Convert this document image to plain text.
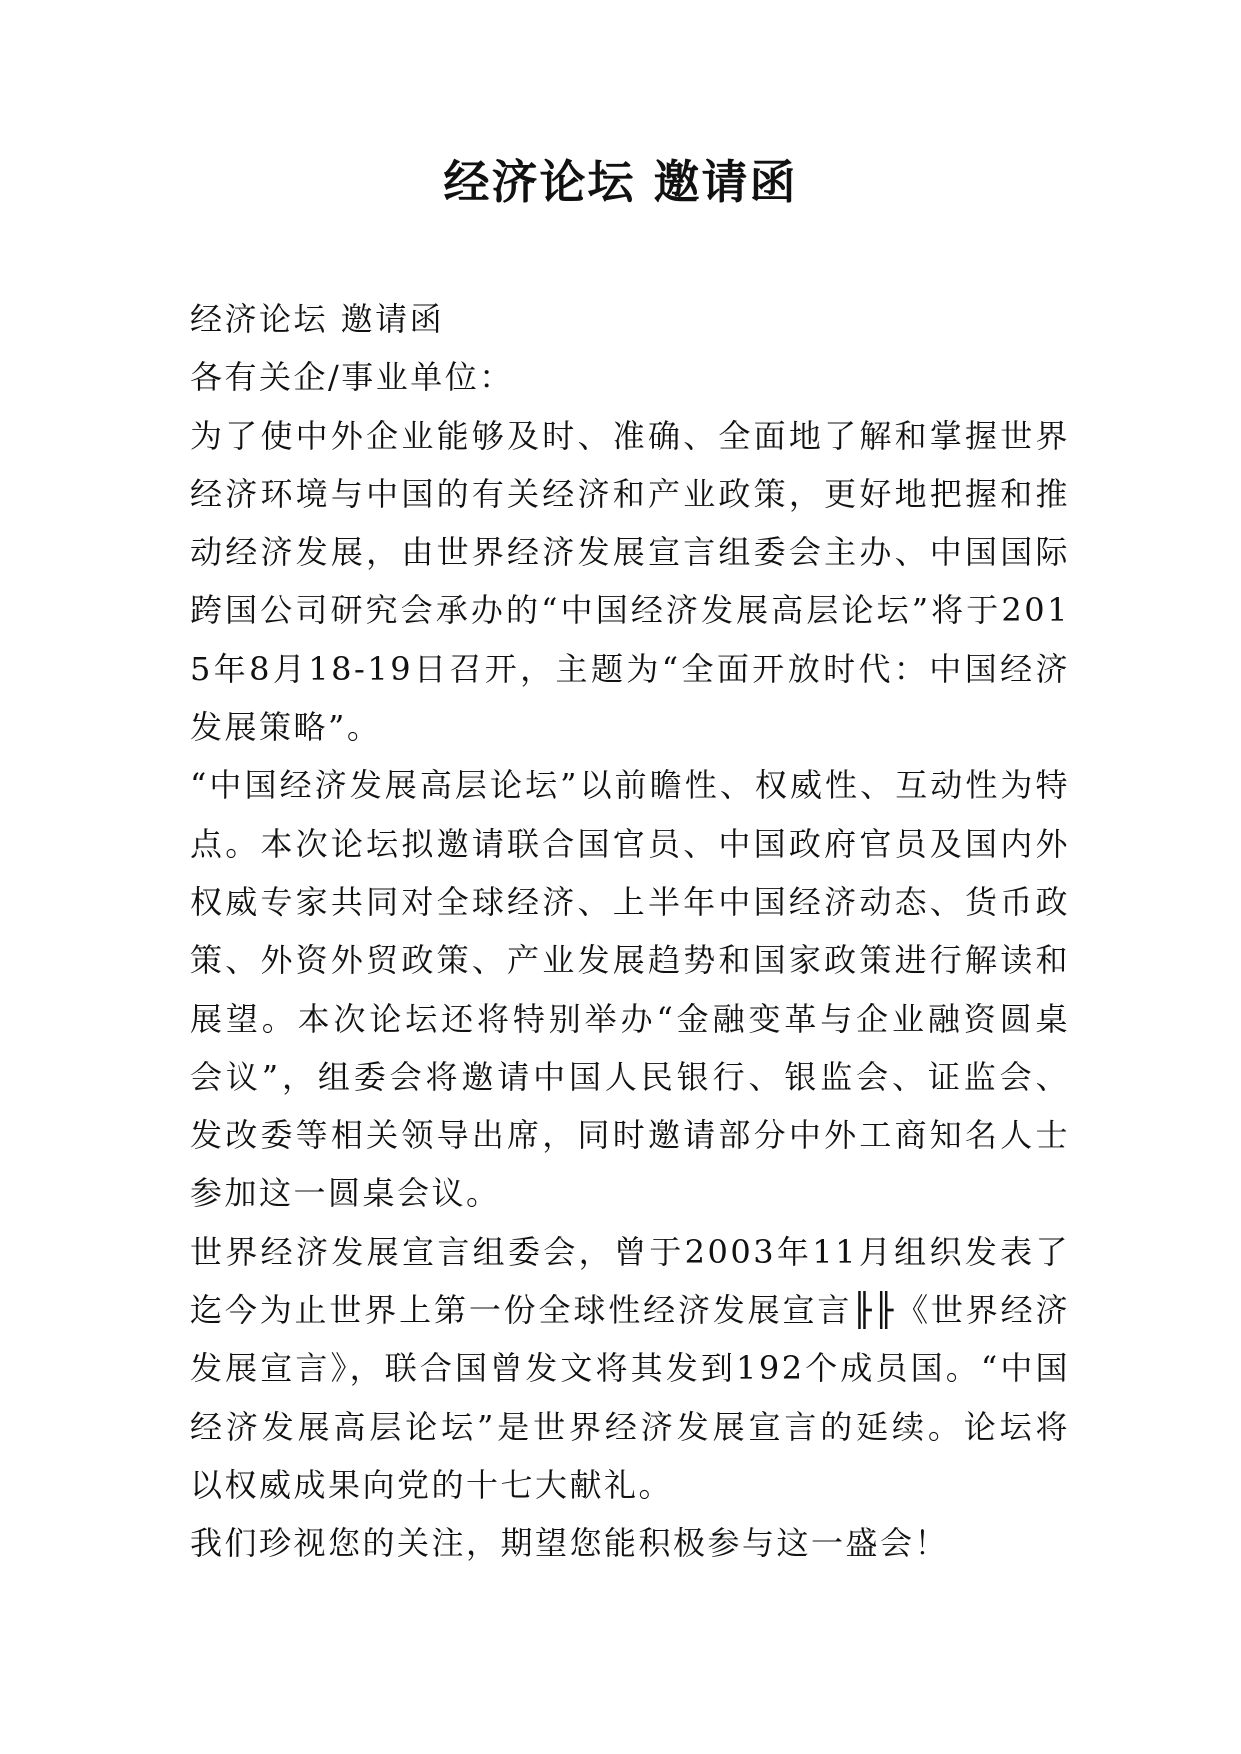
经济论坛 邀请函

经济论坛 邀请函

各有关企/事业单位：

为了使中外企业能够及时、准确、全面地了解和掌握世界经济环境与中国的有关经济和产业政策，更好地把握和推动经济发展，由世界经济发展宣言组委会主办、中国国际跨国公司研究会承办的“中国经济发展高层论坛”将于2015年8月18-19日召开，主题为“全面开放时代：中国经济发展策略”。

“中国经济发展高层论坛”以前瞻性、权威性、互动性为特点。本次论坛拟邀请联合国官员、中国政府官员及国内外权威专家共同对全球经济、上半年中国经济动态、货币政策、外资外贸政策、产业发展趋势和国家政策进行解读和展望。本次论坛还将特别举办“金融变革与企业融资圆桌会议”，组委会将邀请中国人民银行、银监会、证监会、发改委等相关领导出席，同时邀请部分中外工商知名人士参加这一圆桌会议。

世界经济发展宣言组委会，曾于2003年11月组织发表了迄今为止世界上第一份全球性经济发展宣言╟╟《世界经济发展宣言》，联合国曾发文将其发到192个成员国。“中国经济发展高层论坛”是世界经济发展宣言的延续。论坛将以权威成果向党的十七大献礼。

我们珍视您的关注，期望您能积极参与这一盛会！
